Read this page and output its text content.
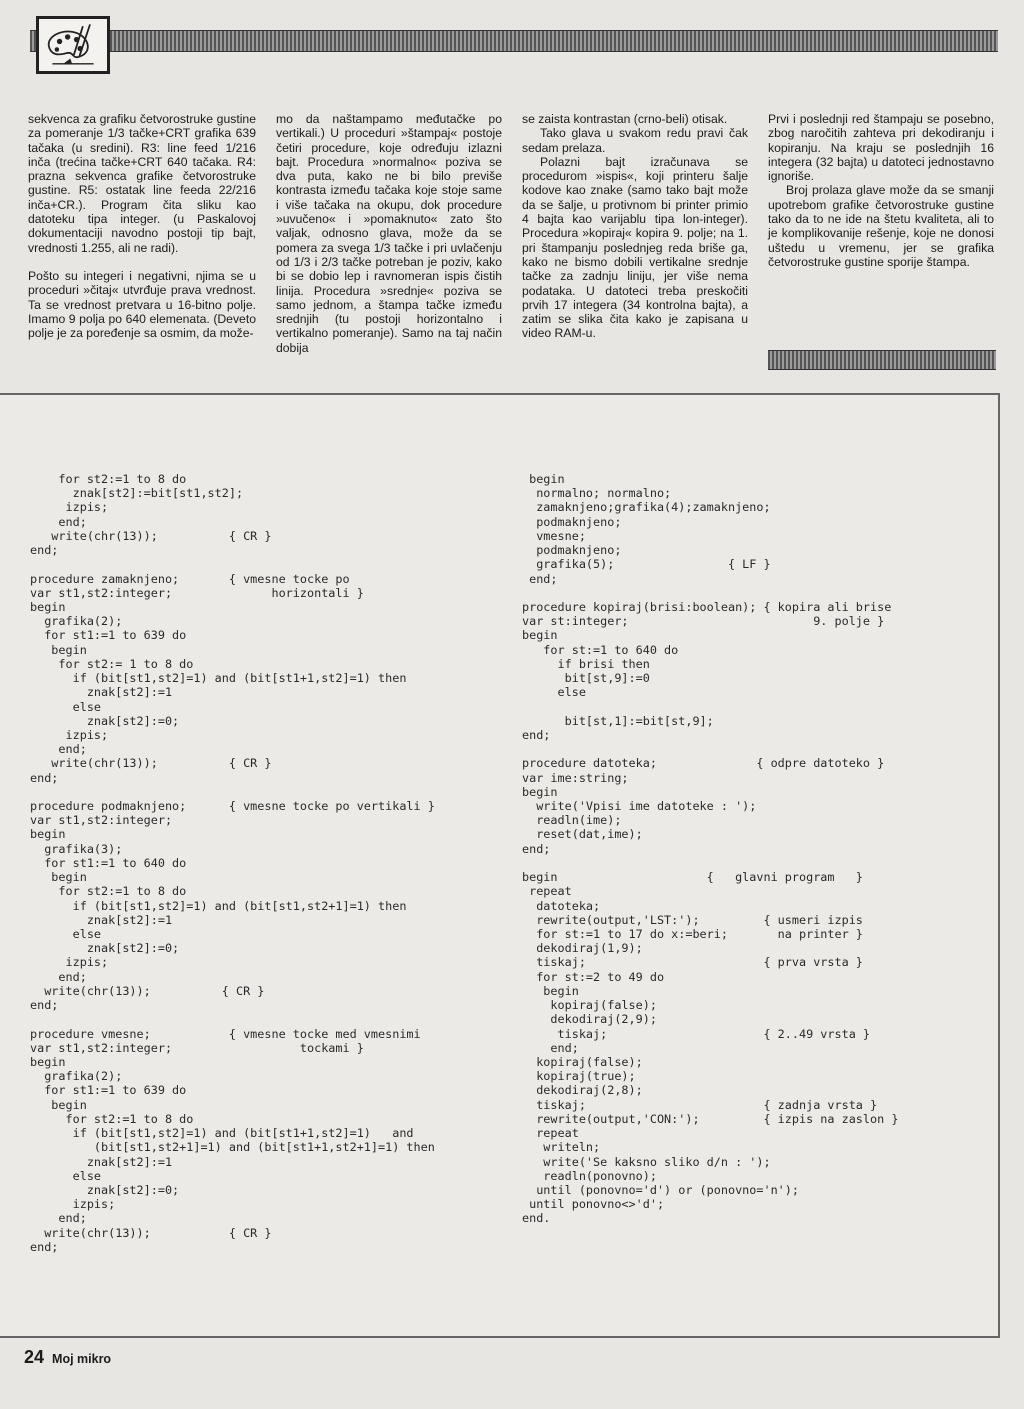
sekvenca za grafiku četvorostruke gustine za pomeranje 1/3 tačke+CRT grafika 639 tačaka (u sredini). R3: line feed 1/216 inča (trećina tačke+CRT 640 tačaka. R4: prazna sekvenca grafike četvorostruke gustine. R5: ostatak line feeda 22/216 inča+CR.). Program čita sliku kao datoteku tipa integer. (u Paskalovoj dokumentaciji navodno postoji tip bajt, vrednosti 1.255, ali ne radi).

Pošto su integeri i negativni, njima se u proceduri »čitaj« utvrđuje prava vrednost. Ta se vrednost pretvara u 16-bitno polje. Imamo 9 polja po 640 elemenata. (Deveto polje je za poređenje sa osmim, da može-

mo da naštampamo međutačke po vertikali.) U proceduri »štampaj« postoje četiri procedure, koje određuju izlazni bajt. Procedura »normalno« poziva se dva puta, kako ne bi bilo previše kontrasta između tačaka koje stoje same i više tačaka na okupu, dok procedure »uvučeno« i »pomaknuto« zato što valjak, odnosno glava, može da se pomera za svega 1/3 tačke i pri uvlačenju od 1/3 i 2/3 tačke potreban je poziv, kako bi se dobio lep i ravnomeran ispis čistih linija. Procedura »srednje« poziva se samo jednom, a štampa tačke između srednjih (tu postoji horizontalno i vertikalno pomeranje). Samo na taj način dobija

se zaista kontrastan (crno-beli) otisak.

Tako glava u svakom redu pravi čak sedam prelaza.

Polazni bajt izračunava se procedurom »ispis«, koji printeru šalje kodove kao znake (samo tako bajt može da se šalje, u protivnom bi printer primio 4 bajta kao varijablu tipa lon-integer). Procedura »kopiraj« kopira 9. polje; na 1. pri štampanju poslednjeg reda briše ga, kako ne bismo dobili vertikalne srednje tačke za zadnju liniju, jer više nema podataka. U datoteci treba preskočiti prvih 17 integera (34 kontrolna bajta), a zatim se slika čita kako je zapisana u video RAM-u.

Prvi i poslednji red štampaju se posebno, zbog naročitih zahteva pri dekodiranju i kopiranju. Na kraju se poslednjih 16 integera (32 bajta) u datoteci jednostavno ignoriše.

Broj prolaza glave može da se smanji upotrebom grafike četvorostruke gustine tako da to ne ide na štetu kvaliteta, ali to je komplikovanije rešenje, koje ne donosi uštedu u vremenu, jer se grafika četvorostruke gustine sporije štampa.

for st2:=1 to 8 do
znak[st2]:=bit[st1,st2];
izpis;
end;
write(chr(13));          { CR }
end;

procedure zamaknjeno;       { vmesne tocke po
var st1,st2:integer;              horizontali }
begin
grafika(2);
for st1:=1 to 639 do
begin
for st2:= 1 to 8 do
if (bit[st1,st2]=1) and (bit[st1+1,st2]=1) then
znak[st2]:=1
else
znak[st2]:=0;
izpis;
end;
write(chr(13));          { CR }
end;

procedure podmaknjeno;      { vmesne tocke po vertikali }
var st1,st2:integer;
begin
grafika(3);
for st1:=1 to 640 do
begin
for st2:=1 to 8 do
if (bit[st1,st2]=1) and (bit[st1,st2+1]=1) then
znak[st2]:=1
else
znak[st2]:=0;
izpis;
end;
write(chr(13));          { CR }
end;

procedure vmesne;           { vmesne tocke med vmesnimi
var st1,st2:integer;                  tockami }
begin
grafika(2);
for st1:=1 to 639 do
begin
for st2:=1 to 8 do
if (bit[st1,st2]=1) and (bit[st1+1,st2]=1)   and
(bit[st1,st2+1]=1) and (bit[st1+1,st2+1]=1) then
znak[st2]:=1
else
znak[st2]:=0;
izpis;
end;
write(chr(13));           { CR }
end;
begin
normalno; normalno;
zamaknjeno;grafika(4);zamaknjeno;
podmaknjeno;
vmesne;
podmaknjeno;
grafika(5);                { LF }
end;

procedure kopiraj(brisi:boolean); { kopira ali brise
var st:integer;                          9. polje }
begin
for st:=1 to 640 do
if brisi then
bit[st,9]:=0
else

bit[st,1]:=bit[st,9];
end;

procedure datoteka;              { odpre datoteko }
var ime:string;
begin
write('Vpisi ime datoteke : ');
readln(ime);
reset(dat,ime);
end;

begin                     {   glavni program   }
repeat
datoteka;
rewrite(output,'LST:');         { usmeri izpis
for st:=1 to 17 do x:=beri;       na printer }
dekodiraj(1,9);
tiskaj;                         { prva vrsta }
for st:=2 to 49 do
begin
kopiraj(false);
dekodiraj(2,9);
tiskaj;                      { 2..49 vrsta }
end;
kopiraj(false);
kopiraj(true);
dekodiraj(2,8);
tiskaj;                         { zadnja vrsta }
rewrite(output,'CON:');         { izpis na zaslon }
repeat
writeln;
write('Se kaksno sliko d/n : ');
readln(ponovno);
until (ponovno='d') or (ponovno='n');
until ponovno<>'d';
end.
24 Moj mikro
